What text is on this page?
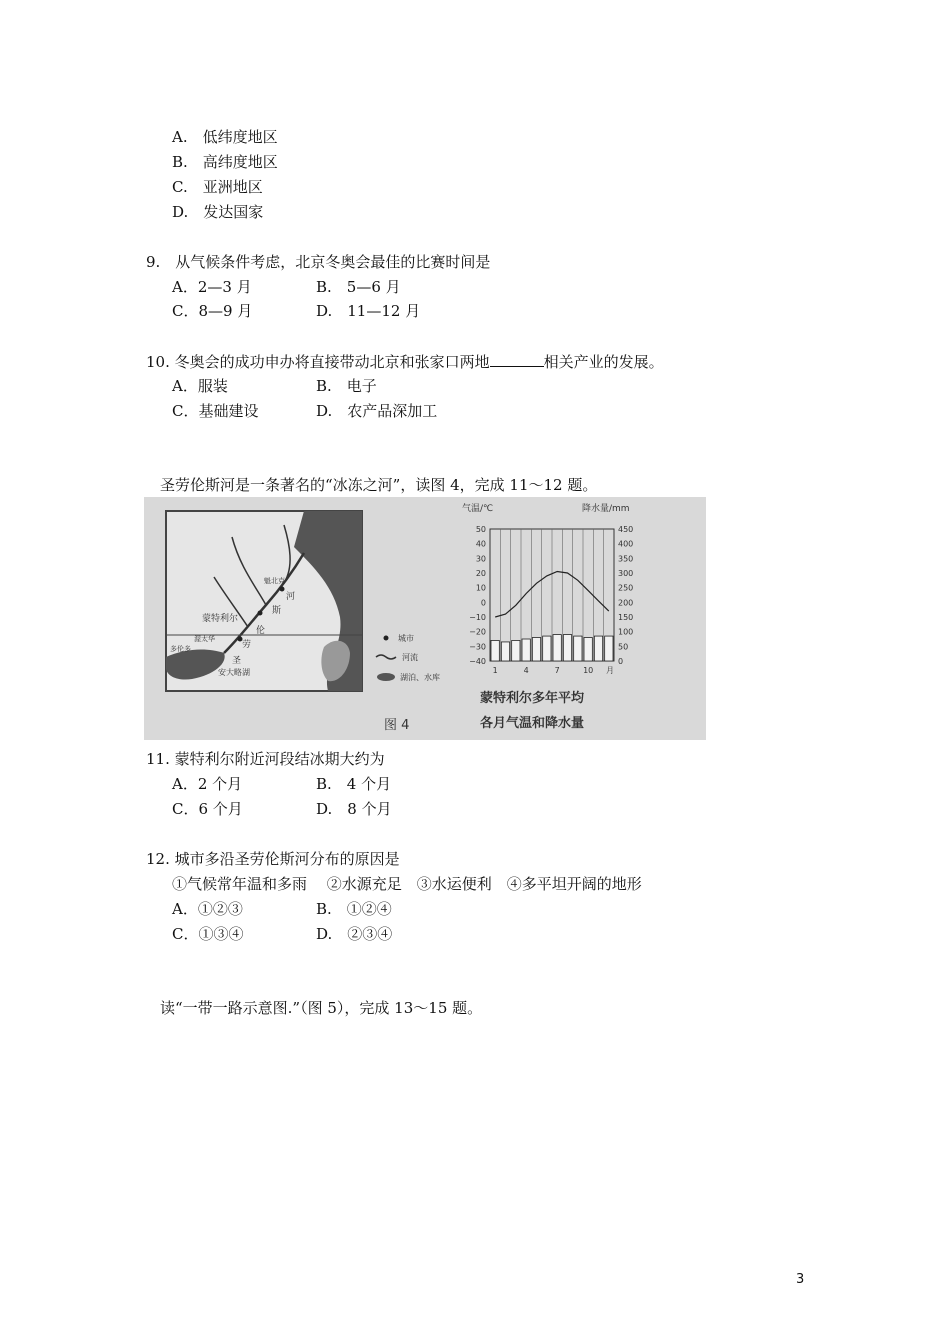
A.　低纬度地区
B.　高纬度地区
C.　亚洲地区
D.　发达国家
9.　从气候条件考虑，北京冬奥会最佳的比赛时间是
A．2—3 月	B.　5—6 月
C．8—9 月	D.　11—12 月
10. 冬奥会的成功申办将直接带动北京和张家口两地	相关产业的发展。
A．服装	B.　电子
C．基础建设	D.　农产品深加工
圣劳伦斯河是一条著名的“冰冻之河”，读图 4，完成 11～12 题。
蒙特利尔
魁北克
渥太华
多伦多
河
斯
伦
劳
圣
安大略湖
城市
河流
湖泊、水库
气温/℃	降水量/mm
50
40
30
20
10
0
−10
−20
−30
−40
450
400
350
300
250
200
150
100
50
0
1	4	7	10 月
蒙特利尔多年平均
各月气温和降水量
图 4
11. 蒙特利尔附近河段结冰期大约为
A．2 个月	B.　4 个月
C．6 个月	D.　8 个月
12. 城市多沿圣劳伦斯河分布的原因是
①气候常年温和多雨　 ②水源充足　③水运便利　④多平坦开阔的地形
A．①②③	B.　①②④
C．①③④	D.　②③④
读“一带一路示意图.”（图 5），完成 13～15 题。
3
